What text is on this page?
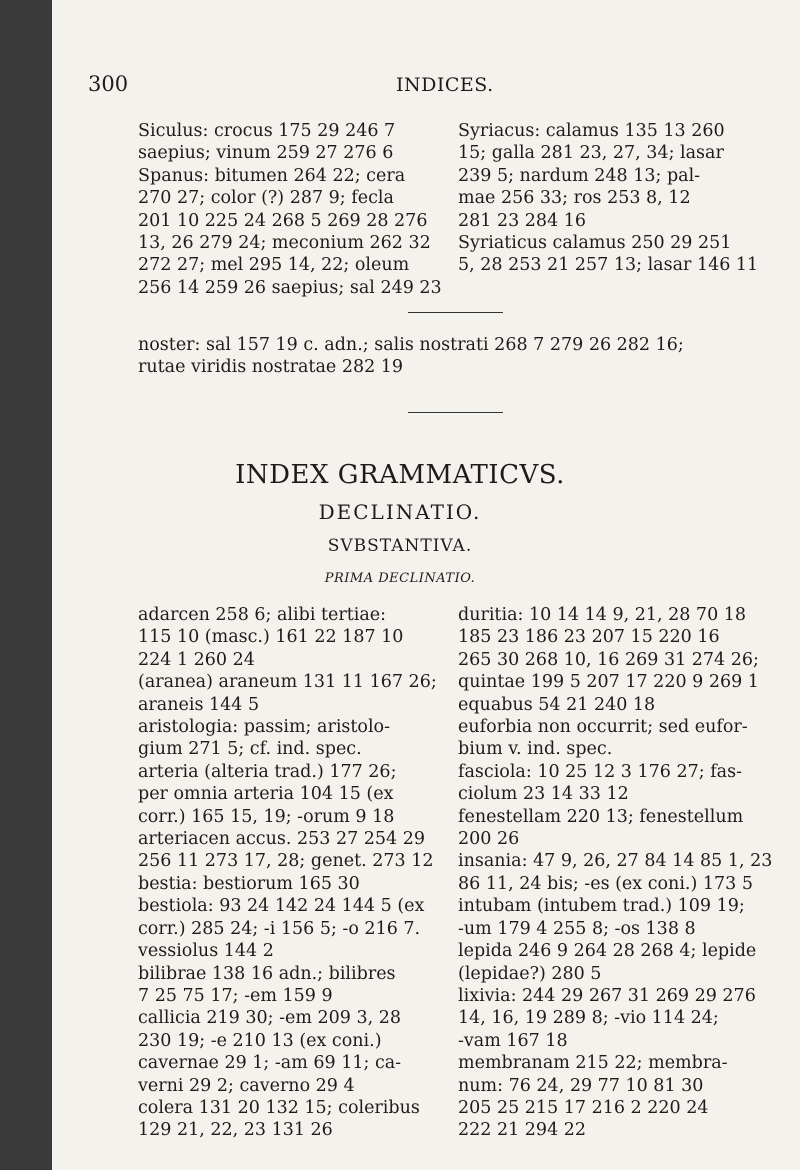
300	INDICES.
Siculus: crocus 175 29 246 7
saepius; vinum 259 27 276 6
Spanus: bitumen 264 22; cera
270 27; color (?) 287 9; fecla
201 10 225 24 268 5 269 28 276
13, 26 279 24; meconium 262 32
272 27; mel 295 14, 22; oleum
256 14 259 26 saepius; sal 249 23
Syriacus: calamus 135 13 260
15; galla 281 23, 27, 34; lasar
239 5; nardum 248 13; pal-
mae 256 33; ros 253 8, 12
281 23 284 16
Syriaticus calamus 250 29 251
5, 28 253 21 257 13; lasar 146 11
noster: sal 157 19 c. adn.; salis nostrati 268 7 279 26 282 16;
rutae viridis nostratae 282 19
INDEX GRAMMATICVS.
DECLINATIO.
SVBSTANTIVA.
PRIMA DECLINATIO.
adarcen 258 6; alibi tertiae:
115 10 (masc.) 161 22 187 10
224 1 260 24
(aranea) araneum 131 11 167 26;
araneis 144 5
aristologia: passim; aristolo-
gium 271 5; cf. ind. spec.
arteria (alteria trad.) 177 26;
per omnia arteria 104 15 (ex
corr.) 165 15, 19; -orum 9 18
arteriacen accus. 253 27 254 29
256 11 273 17, 28; genet. 273 12
bestia: bestiorum 165 30
bestiola: 93 24 142 24 144 5 (ex
corr.) 285 24; -i 156 5; -o 216 7.
vessiolus 144 2
bilibrae 138 16 adn.; bilibres
7 25 75 17; -em 159 9
callicia 219 30; -em 209 3, 28
230 19; -e 210 13 (ex coni.)
cavernae 29 1; -am 69 11; ca-
verni 29 2; caverno 29 4
colera 131 20 132 15; coleribus
129 21, 22, 23 131 26
duritia: 10 14 14 9, 21, 28 70 18
185 23 186 23 207 15 220 16
265 30 268 10, 16 269 31 274 26;
quintae 199 5 207 17 220 9 269 1
equabus 54 21 240 18
euforbia non occurrit; sed eufor-
bium v. ind. spec.
fasciola: 10 25 12 3 176 27; fas-
ciolum 23 14 33 12
fenestellam 220 13; fenestellum
200 26
insania: 47 9, 26, 27 84 14 85 1, 23
86 11, 24 bis; -es (ex coni.) 173 5
intubam (intubem trad.) 109 19;
-um 179 4 255 8; -os 138 8
lepida 246 9 264 28 268 4; lepide
(lepidae?) 280 5
lixivia: 244 29 267 31 269 29 276
14, 16, 19 289 8; -vio 114 24;
-vam 167 18
membranam 215 22; membra-
num: 76 24, 29 77 10 81 30
205 25 215 17 216 2 220 24
222 21 294 22
